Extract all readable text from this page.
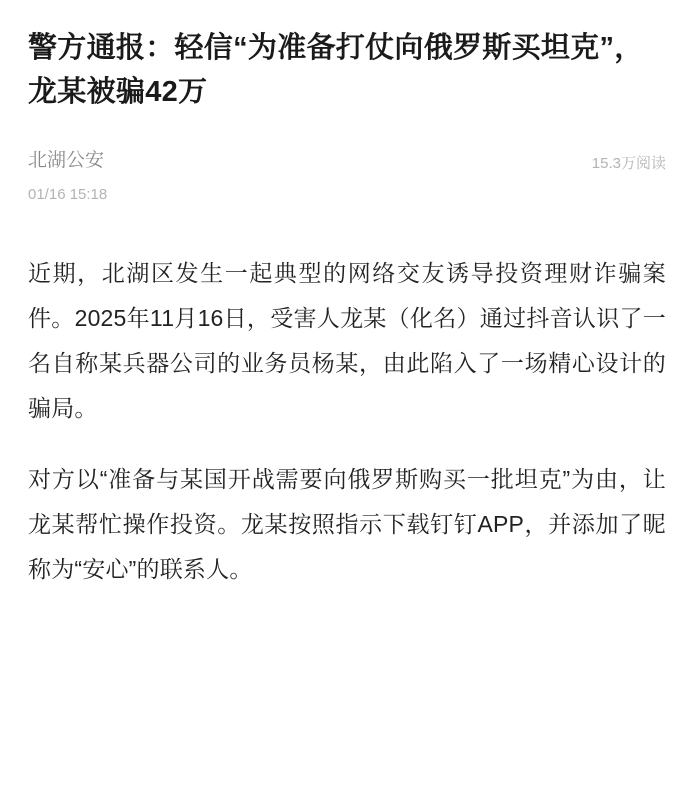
警方通报：轻信“为准备打仗向俄罗斯买坦克”，龙某被骗42万
北湖公安
01/16 15:18
15.3万阅读

近期，北湖区发生一起典型的网络交友诱导投资理财诈骗案件。2025年11月16日，受害人龙某（化名）通过抖音认识了一名自称某兵器公司的业务员杨某，由此陷入了一场精心设计的骗局。

对方以“准备与某国开战需要向俄罗斯购买一批坦克”为由，让龙某帮忙操作投资。龙某按照指示下载钉钉APP，并添加了昵称为“安心”的联系人。
